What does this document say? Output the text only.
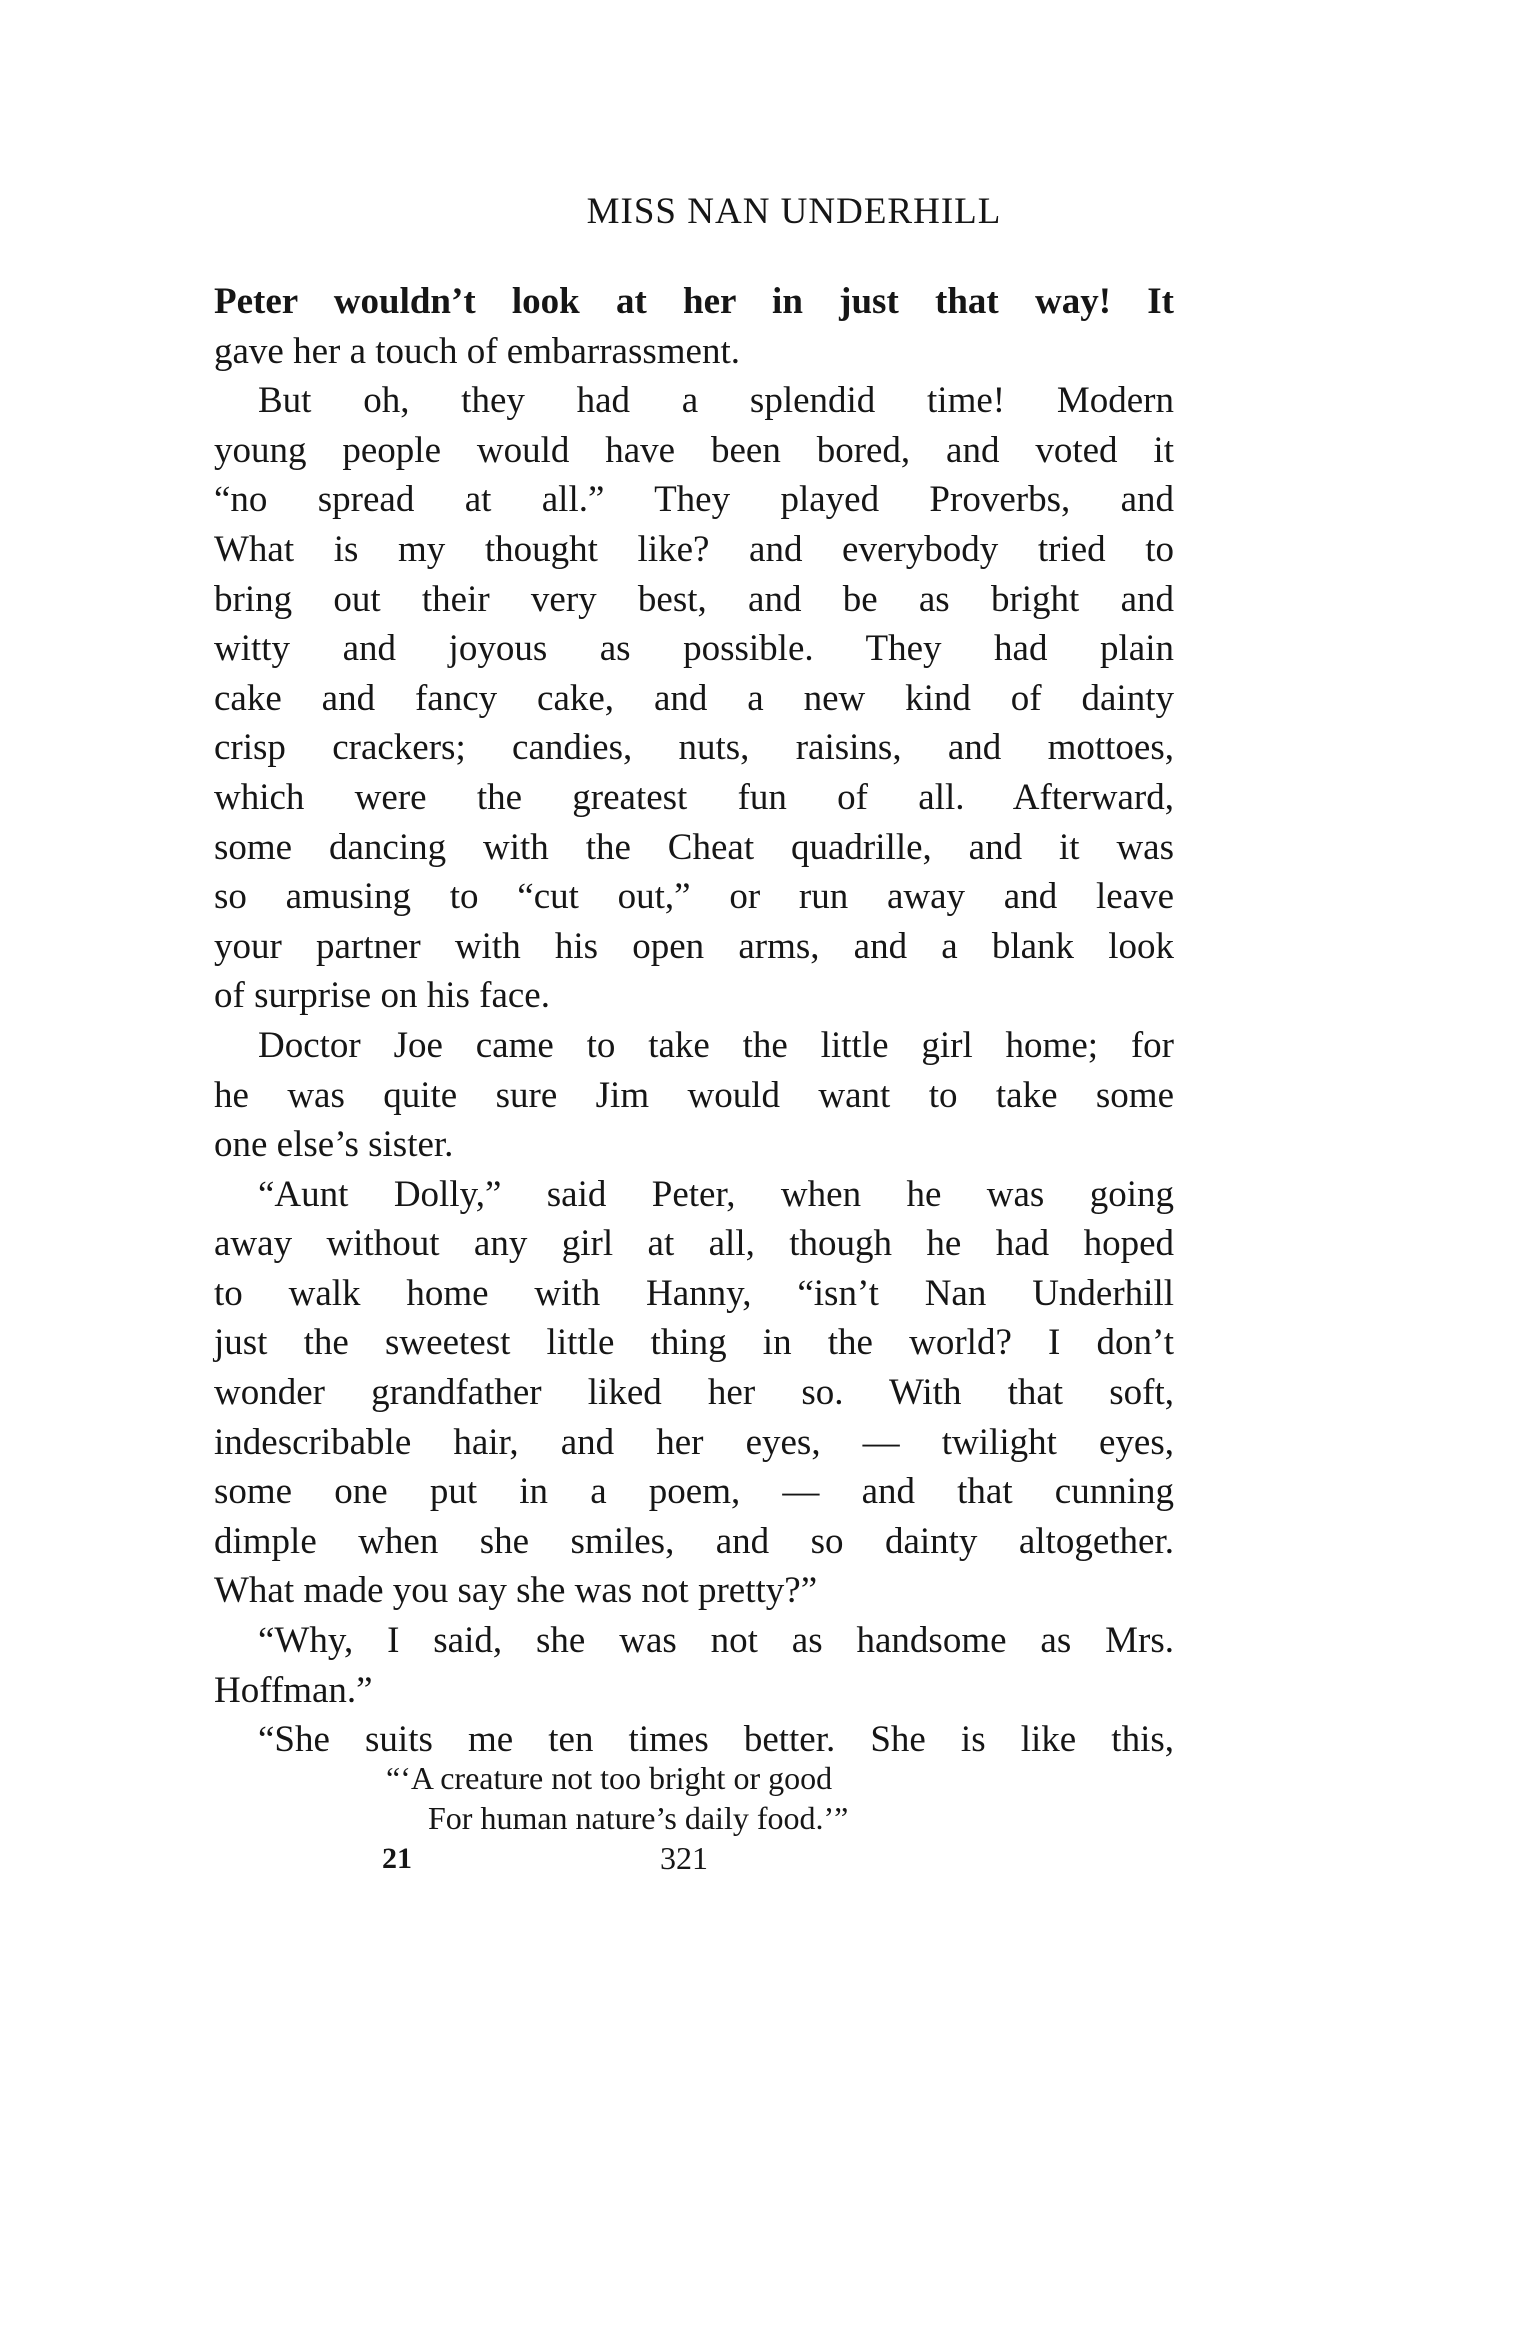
MISS NAN UNDERHILL
Peter wouldn’t look at her in just that way! It
gave her a touch of embarrassment.
But oh, they had a splendid time! Modern
young people would have been bored, and voted it
“no spread at all.” They played Proverbs, and
What is my thought like? and everybody tried to
bring out their very best, and be as bright and
witty and joyous as possible. They had plain
cake and fancy cake, and a new kind of dainty
crisp crackers; candies, nuts, raisins, and mottoes,
which were the greatest fun of all. Afterward,
some dancing with the Cheat quadrille, and it was
so amusing to “cut out,” or run away and leave
your partner with his open arms, and a blank look
of surprise on his face.
Doctor Joe came to take the little girl home; for
he was quite sure Jim would want to take some
one else’s sister.
“Aunt Dolly,” said Peter, when he was going
away without any girl at all, though he had hoped
to walk home with Hanny, “isn’t Nan Underhill
just the sweetest little thing in the world? I don’t
wonder grandfather liked her so. With that soft,
indescribable hair, and her eyes, — twilight eyes,
some one put in a poem, — and that cunning
dimple when she smiles, and so dainty altogether.
What made you say she was not pretty?”
“Why, I said, she was not as handsome as Mrs.
Hoffman.”
“She suits me ten times better. She is like this,
“‘A creature not too bright or good
For human nature’s daily food.’”
21	321
